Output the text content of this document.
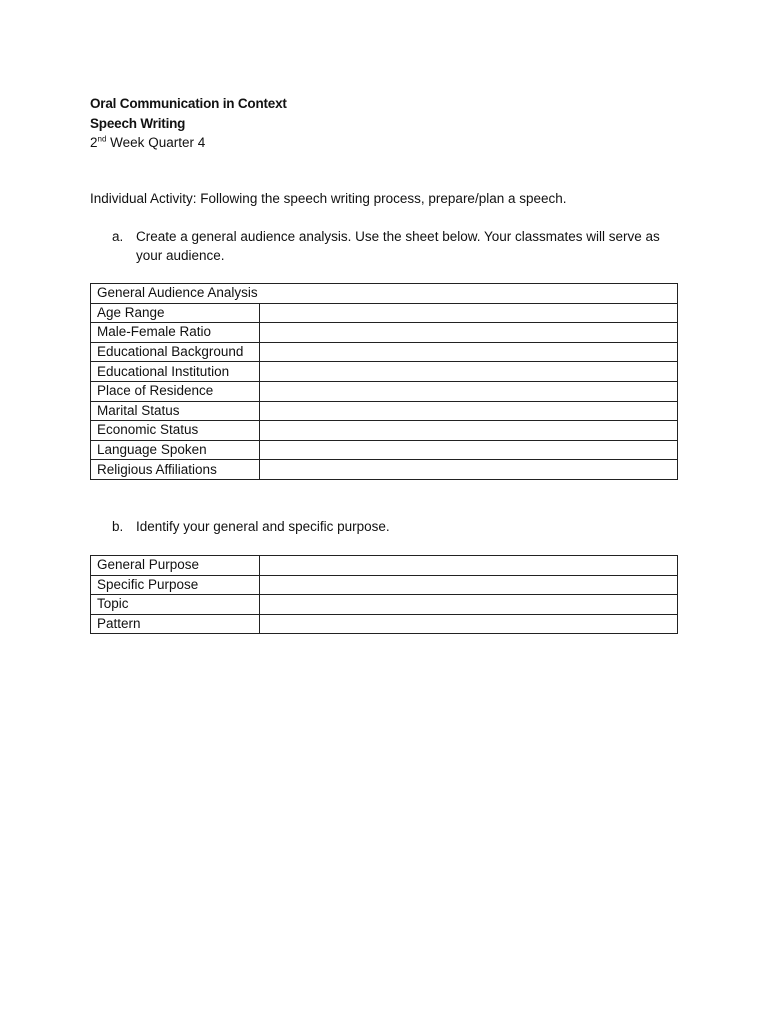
Oral Communication in Context
Speech Writing
2nd Week Quarter 4
Individual Activity: Following the speech writing process, prepare/plan a speech.
a. Create a general audience analysis. Use the sheet below. Your classmates will serve as your audience.
General Audience Analysis	
Age Range	
Male-Female Ratio	
Educational Background	
Educational Institution	
Place of Residence	
Marital Status	
Economic Status	
Language Spoken	
Religious Affiliations	
b. Identify your general and specific purpose.
General Purpose	
Specific Purpose	
Topic	
Pattern	
